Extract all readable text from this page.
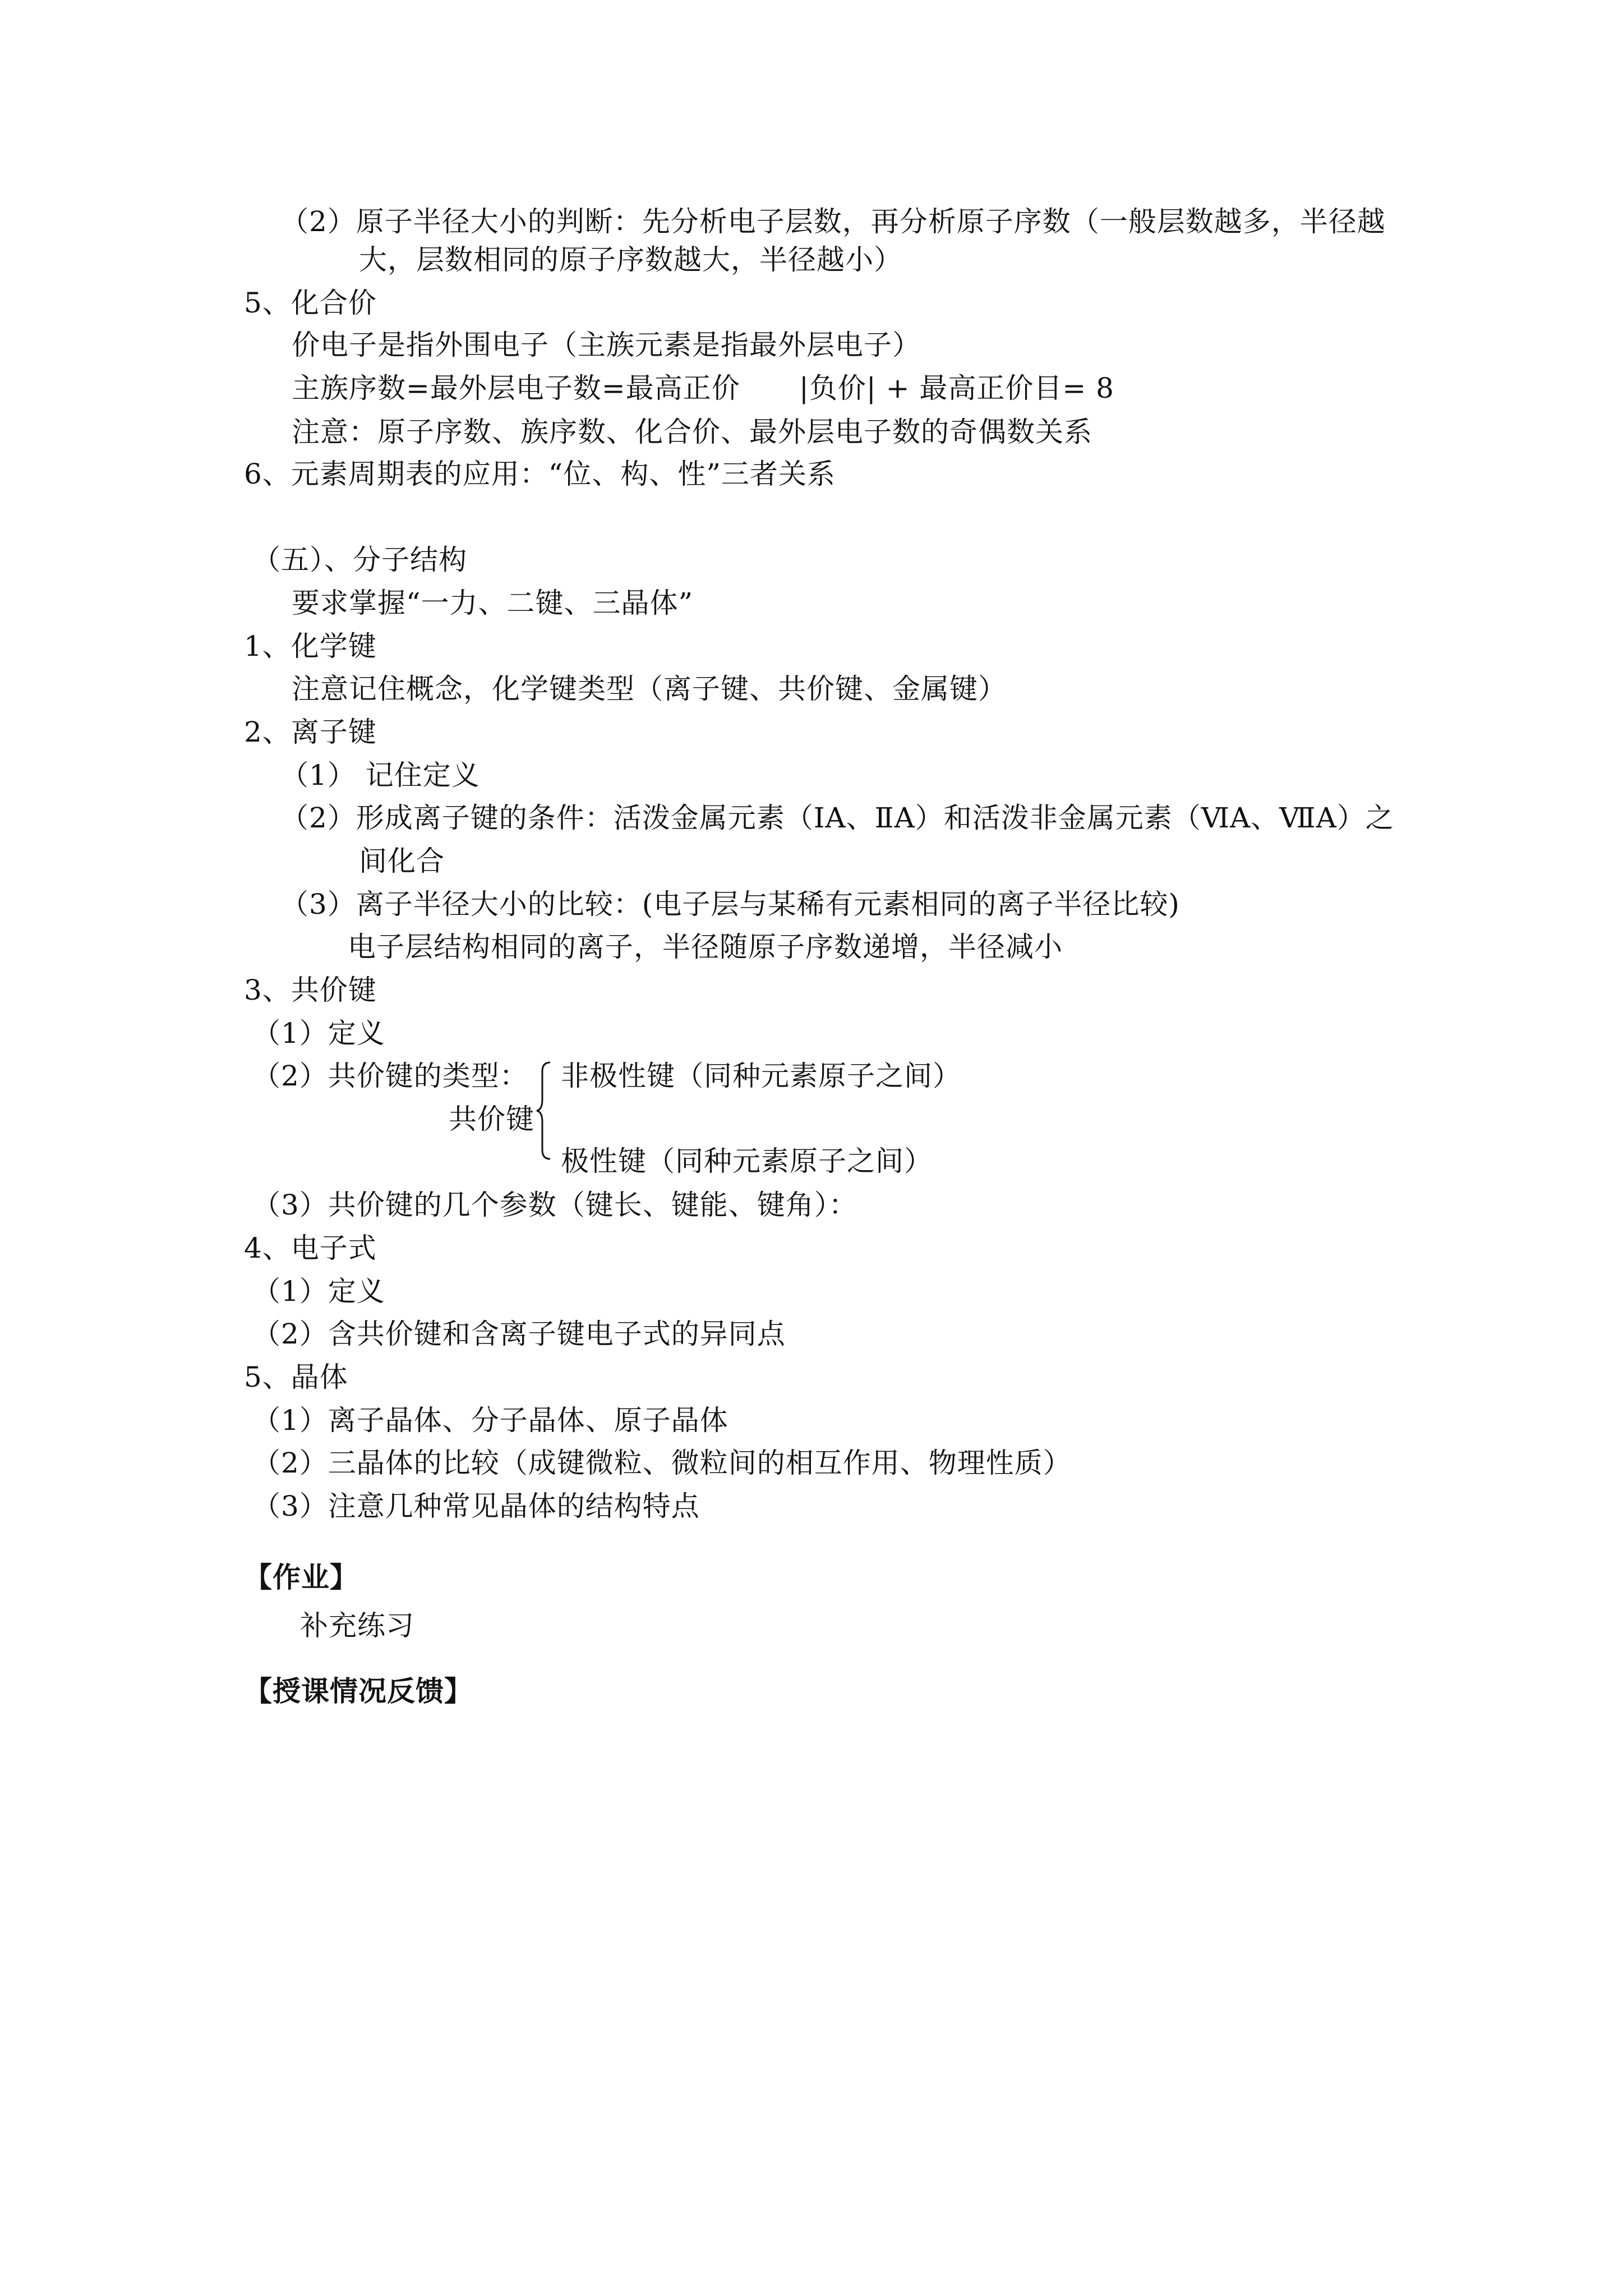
（2）原子半径大小的判断：先分析电子层数，再分析原子序数（一般层数越多，半径越
大，层数相同的原子序数越大，半径越小）
5、化合价
价电子是指外围电子（主族元素是指最外层电子）
主族序数=最外层电子数=最高正价 |负价| + 最高正价目= 8
注意：原子序数、族序数、化合价、最外层电子数的奇偶数关系
6、元素周期表的应用：“位、构、性”三者关系
（五）、分子结构
要求掌握“一力、二键、三晶体”
1、化学键
注意记住概念，化学键类型（离子键、共价键、金属键）
2、离子键
（1） 记住定义
（2）形成离子键的条件：活泼金属元素（ⅠA、ⅡA）和活泼非金属元素（ⅥA、ⅦA）之
间化合
（3）离子半径大小的比较：(电子层与某稀有元素相同的离子半径比较)
电子层结构相同的离子，半径随原子序数递增，半径减小
3、共价键
（1）定义
（2）共价键的类型： 非极性键（同种元素原子之间）
共价键
极性键（同种元素原子之间）
（3）共价键的几个参数（键长、键能、键角）：
4、电子式
（1）定义
（2）含共价键和含离子键电子式的异同点
5、晶体
（1）离子晶体、分子晶体、原子晶体
（2）三晶体的比较（成键微粒、微粒间的相互作用、物理性质）
（3）注意几种常见晶体的结构特点
【作业】
补充练习
【授课情况反馈】
